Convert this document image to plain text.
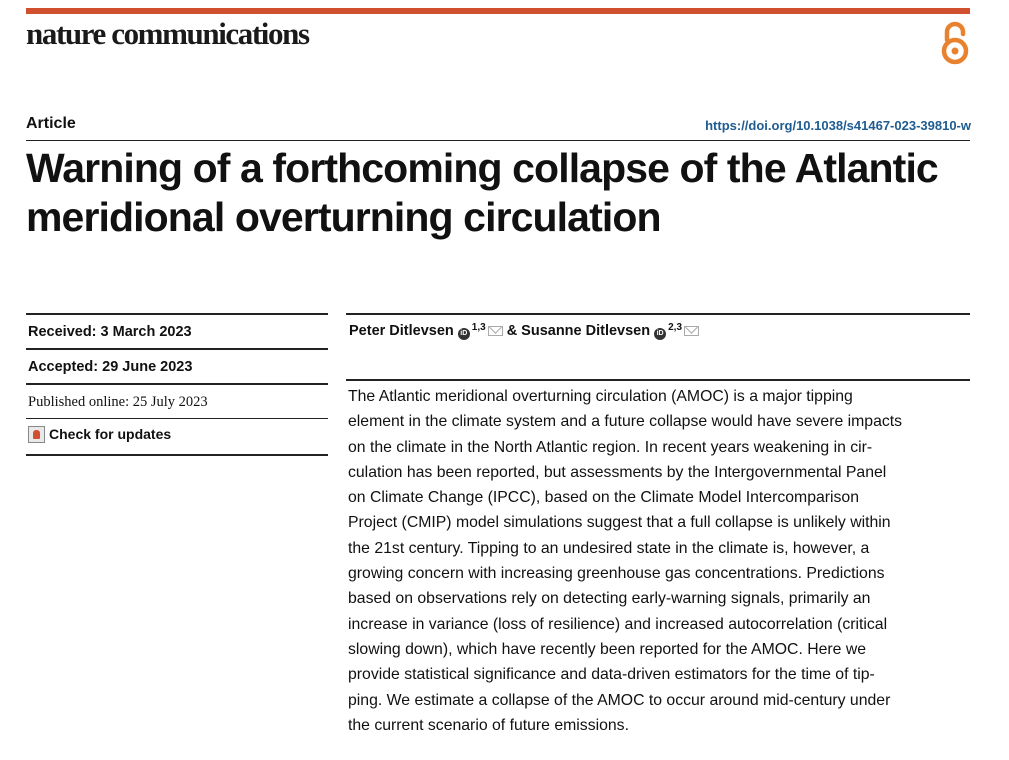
nature communications
Article	https://doi.org/10.1038/s41467-023-39810-w
Warning of a forthcoming collapse of the Atlantic meridional overturning circulation
Received: 3 March 2023
Accepted: 29 June 2023
Published online: 25 July 2023
Check for updates
Peter Ditlevsen iD$^{1,3}$ & Susanne Ditlevsen iD$^{2,3}$
The Atlantic meridional overturning circulation (AMOC) is a major tipping
element in the climate system and a future collapse would have severe impacts
on the climate in the North Atlantic region. In recent years weakening in cir-
culation has been reported, but assessments by the Intergovernmental Panel
on Climate Change (IPCC), based on the Climate Model Intercomparison
Project (CMIP) model simulations suggest that a full collapse is unlikely within
the 21st century. Tipping to an undesired state in the climate is, however, a
growing concern with increasing greenhouse gas concentrations. Predictions
based on observations rely on detecting early-warning signals, primarily an
increase in variance (loss of resilience) and increased autocorrelation (critical
slowing down), which have recently been reported for the AMOC. Here we
provide statistical significance and data-driven estimators for the time of tip-
ping. We estimate a collapse of the AMOC to occur around mid-century under
the current scenario of future emissions.
